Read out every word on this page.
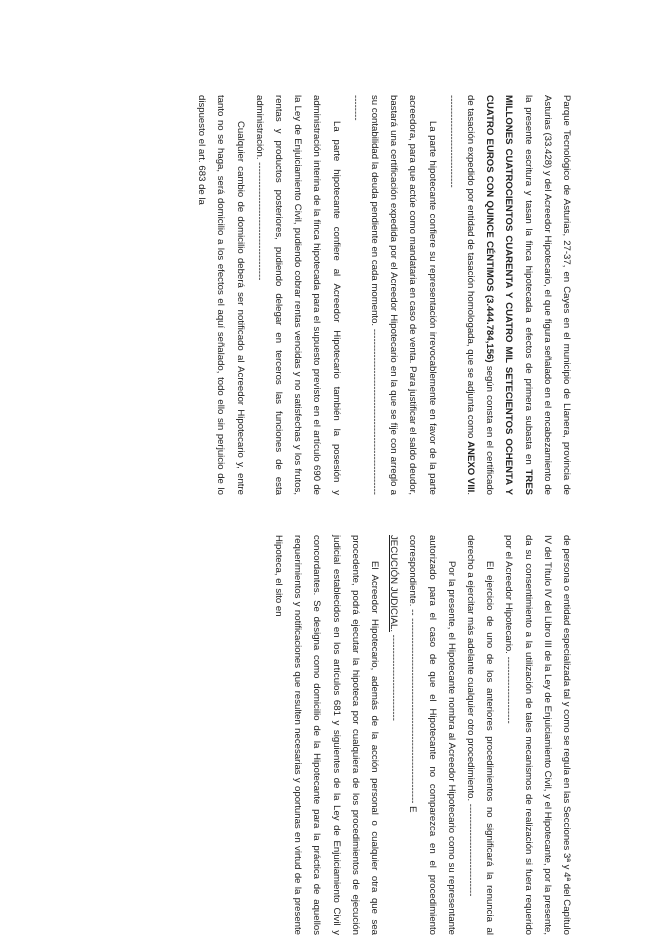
Parque Tecnológico de Asturias, 27-37, en Cayes en el municipio de Llanera, provincia de Asturias (33.428) y del Acreedor Hipotecario, el que figura señalado en el encabezamiento de la presente escritura y tasan la finca hipotecada a efectos de primera subasta en TRES MILLONES CUATROCIENTOS CUARENTA Y CUATRO MIL SETECIENTOS OCHENTA Y CUATRO EUROS CON QUINCE CÉNTIMOS (3.444.784,156) según consta en el certificado de tasación expedido por entidad de tasación homologada, que se adjunta como ANEXO VIII. -----------------------------

La parte hipotecante confiere su representación irrevocablemente en favor de la parte acreedora, para que actúe como mandataria en caso de venta. Para justificar el saldo deudor, bastará una certificación expedida por el Acreedor Hipotecario en la que se fije con arreglo a su contabilidad la deuda pendiente en cada momento. ------------------------------------------------------------

La parte hipotecante confiere al Acreedor Hipotecario también la posesión y administración interina de la finca hipotecada para el supuesto previsto en el artículo 690 de la Ley de Enjuiciamiento Civil, pudiendo cobrar rentas vencidas y no satisfechas y los frutos, rentas y productos posteriores, pudiendo delegar en terceros las funciones de esta administración. -------------------------------------

Cualquier cambio de domicilio deberá ser notificado al Acreedor Hipotecario y, entre tanto no se haga, será domicilio a los efectos el aquí señalado, todo ello sin perjuicio de lo dispuesto el art. 683 de la

de persona o entidad especializada tal y como se regula en las Secciones 3ª y 4ª del Capítulo IV del Título IV del Libro III de la Ley de Enjuiciamiento Civil, y el Hipotecante, por la presente, da su consentimiento a la utilización de tales mecanismos de realización si fuera requerido por el Acreedor Hipotecario. ---------------------

El ejercicio de uno de los anteriores procedimientos no significará la renuncia al derecho a ejercitar más adelante cualquier otro procedimiento. -----------------------------

Por la presente, el Hipotecante nombra al Acreedor Hipotecario como su representante autorizado para el caso de que el Hipotecante no comparezca en el procedimiento correspondiente. -- ---------------------------------------------------------- E

JECUCIÓN JUDICIAL. ---------------------------

El Acreedor Hipotecario, además de la acción personal o cualquier otra que sea procedente, podrá ejecutar la hipoteca por cualquiera de los procedimientos de ejecución judicial establecidos en los artículos 681 y siguientes de la Ley de Enjuiciamiento Civil y concordantes. Se designa como domicilio de la Hipotecante para la práctica de aquellos requerimientos y notificaciones que resulten necesarias y oportunas en virtud de la presente Hipoteca, el sito en
